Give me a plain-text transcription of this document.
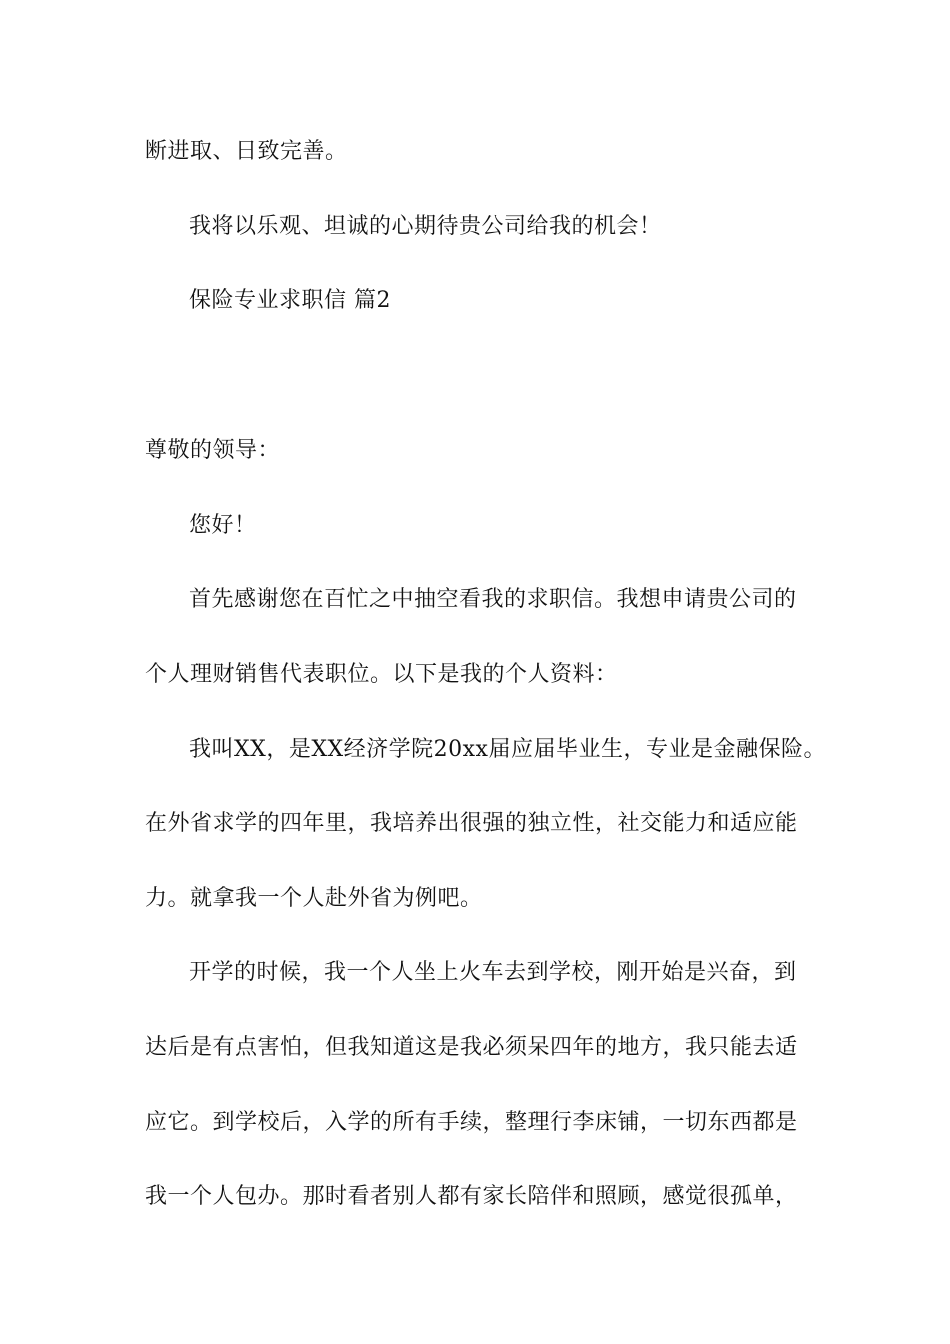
断进取、日致完善。
我将以乐观、坦诚的心期待贵公司给我的机会！
保险专业求职信 篇2
尊敬的领导：
您好！
首先感谢您在百忙之中抽空看我的求职信。我想申请贵公司的
个人理财销售代表职位。以下是我的个人资料：
我叫XX，是XX经济学院20xx届应届毕业生，专业是金融保险。
在外省求学的四年里，我培养出很强的独立性，社交能力和适应能
力。就拿我一个人赴外省为例吧。
开学的时候，我一个人坐上火车去到学校，刚开始是兴奋，到
达后是有点害怕，但我知道这是我必须呆四年的地方，我只能去适
应它。到学校后，入学的所有手续，整理行李床铺，一切东西都是
我一个人包办。那时看者别人都有家长陪伴和照顾，感觉很孤单，
